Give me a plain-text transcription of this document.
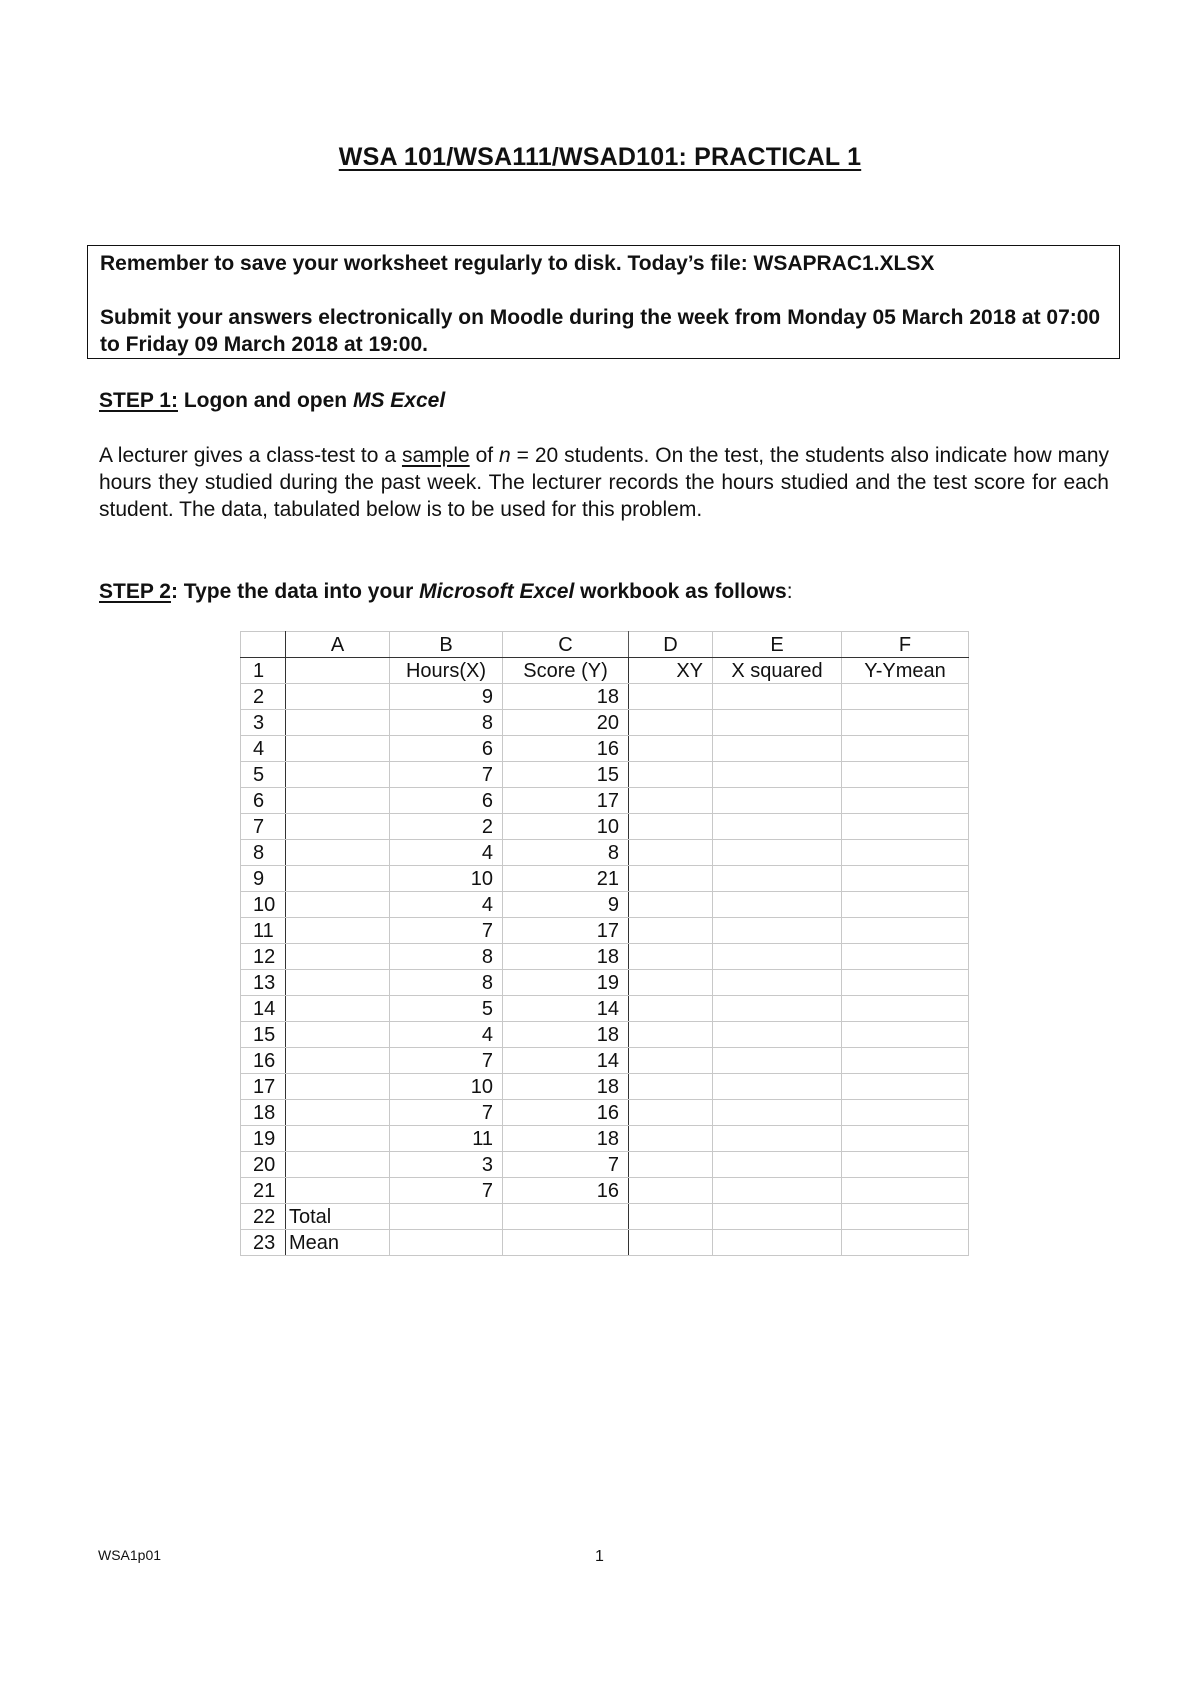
WSA 101/WSA111/WSAD101: PRACTICAL 1

Remember to save your worksheet regularly to disk. Today’s file: WSAPRAC1.XLSX

Submit your answers electronically on Moodle during the week from Monday 05 March 2018 at 07:00 to Friday 09 March 2018 at 19:00.

STEP 1: Logon and open MS Excel
A lecturer gives a class-test to a sample of n = 20 students. On the test, the students also indicate how many hours they studied during the past week. The lecturer records the hours studied and the test score for each student. The data, tabulated below is to be used for this problem.
STEP 2: Type the data into your Microsoft Excel workbook as follows:
	A	B	C	D	E	F
1		Hours(X)	Score (Y)	XY	X squared	Y-Ymean
2		9	18			
3		8	20			
4		6	16			
5		7	15			
6		6	17			
7		2	10			
8		4	8			
9		10	21			
10		4	9			
11		7	17			
12		8	18			
13		8	19			
14		5	14			
15		4	18			
16		7	14			
17		10	18			
18		7	16			
19		11	18			
20		3	7			
21		7	16			
22	Total					
23	Mean					
WSA1p01	1
